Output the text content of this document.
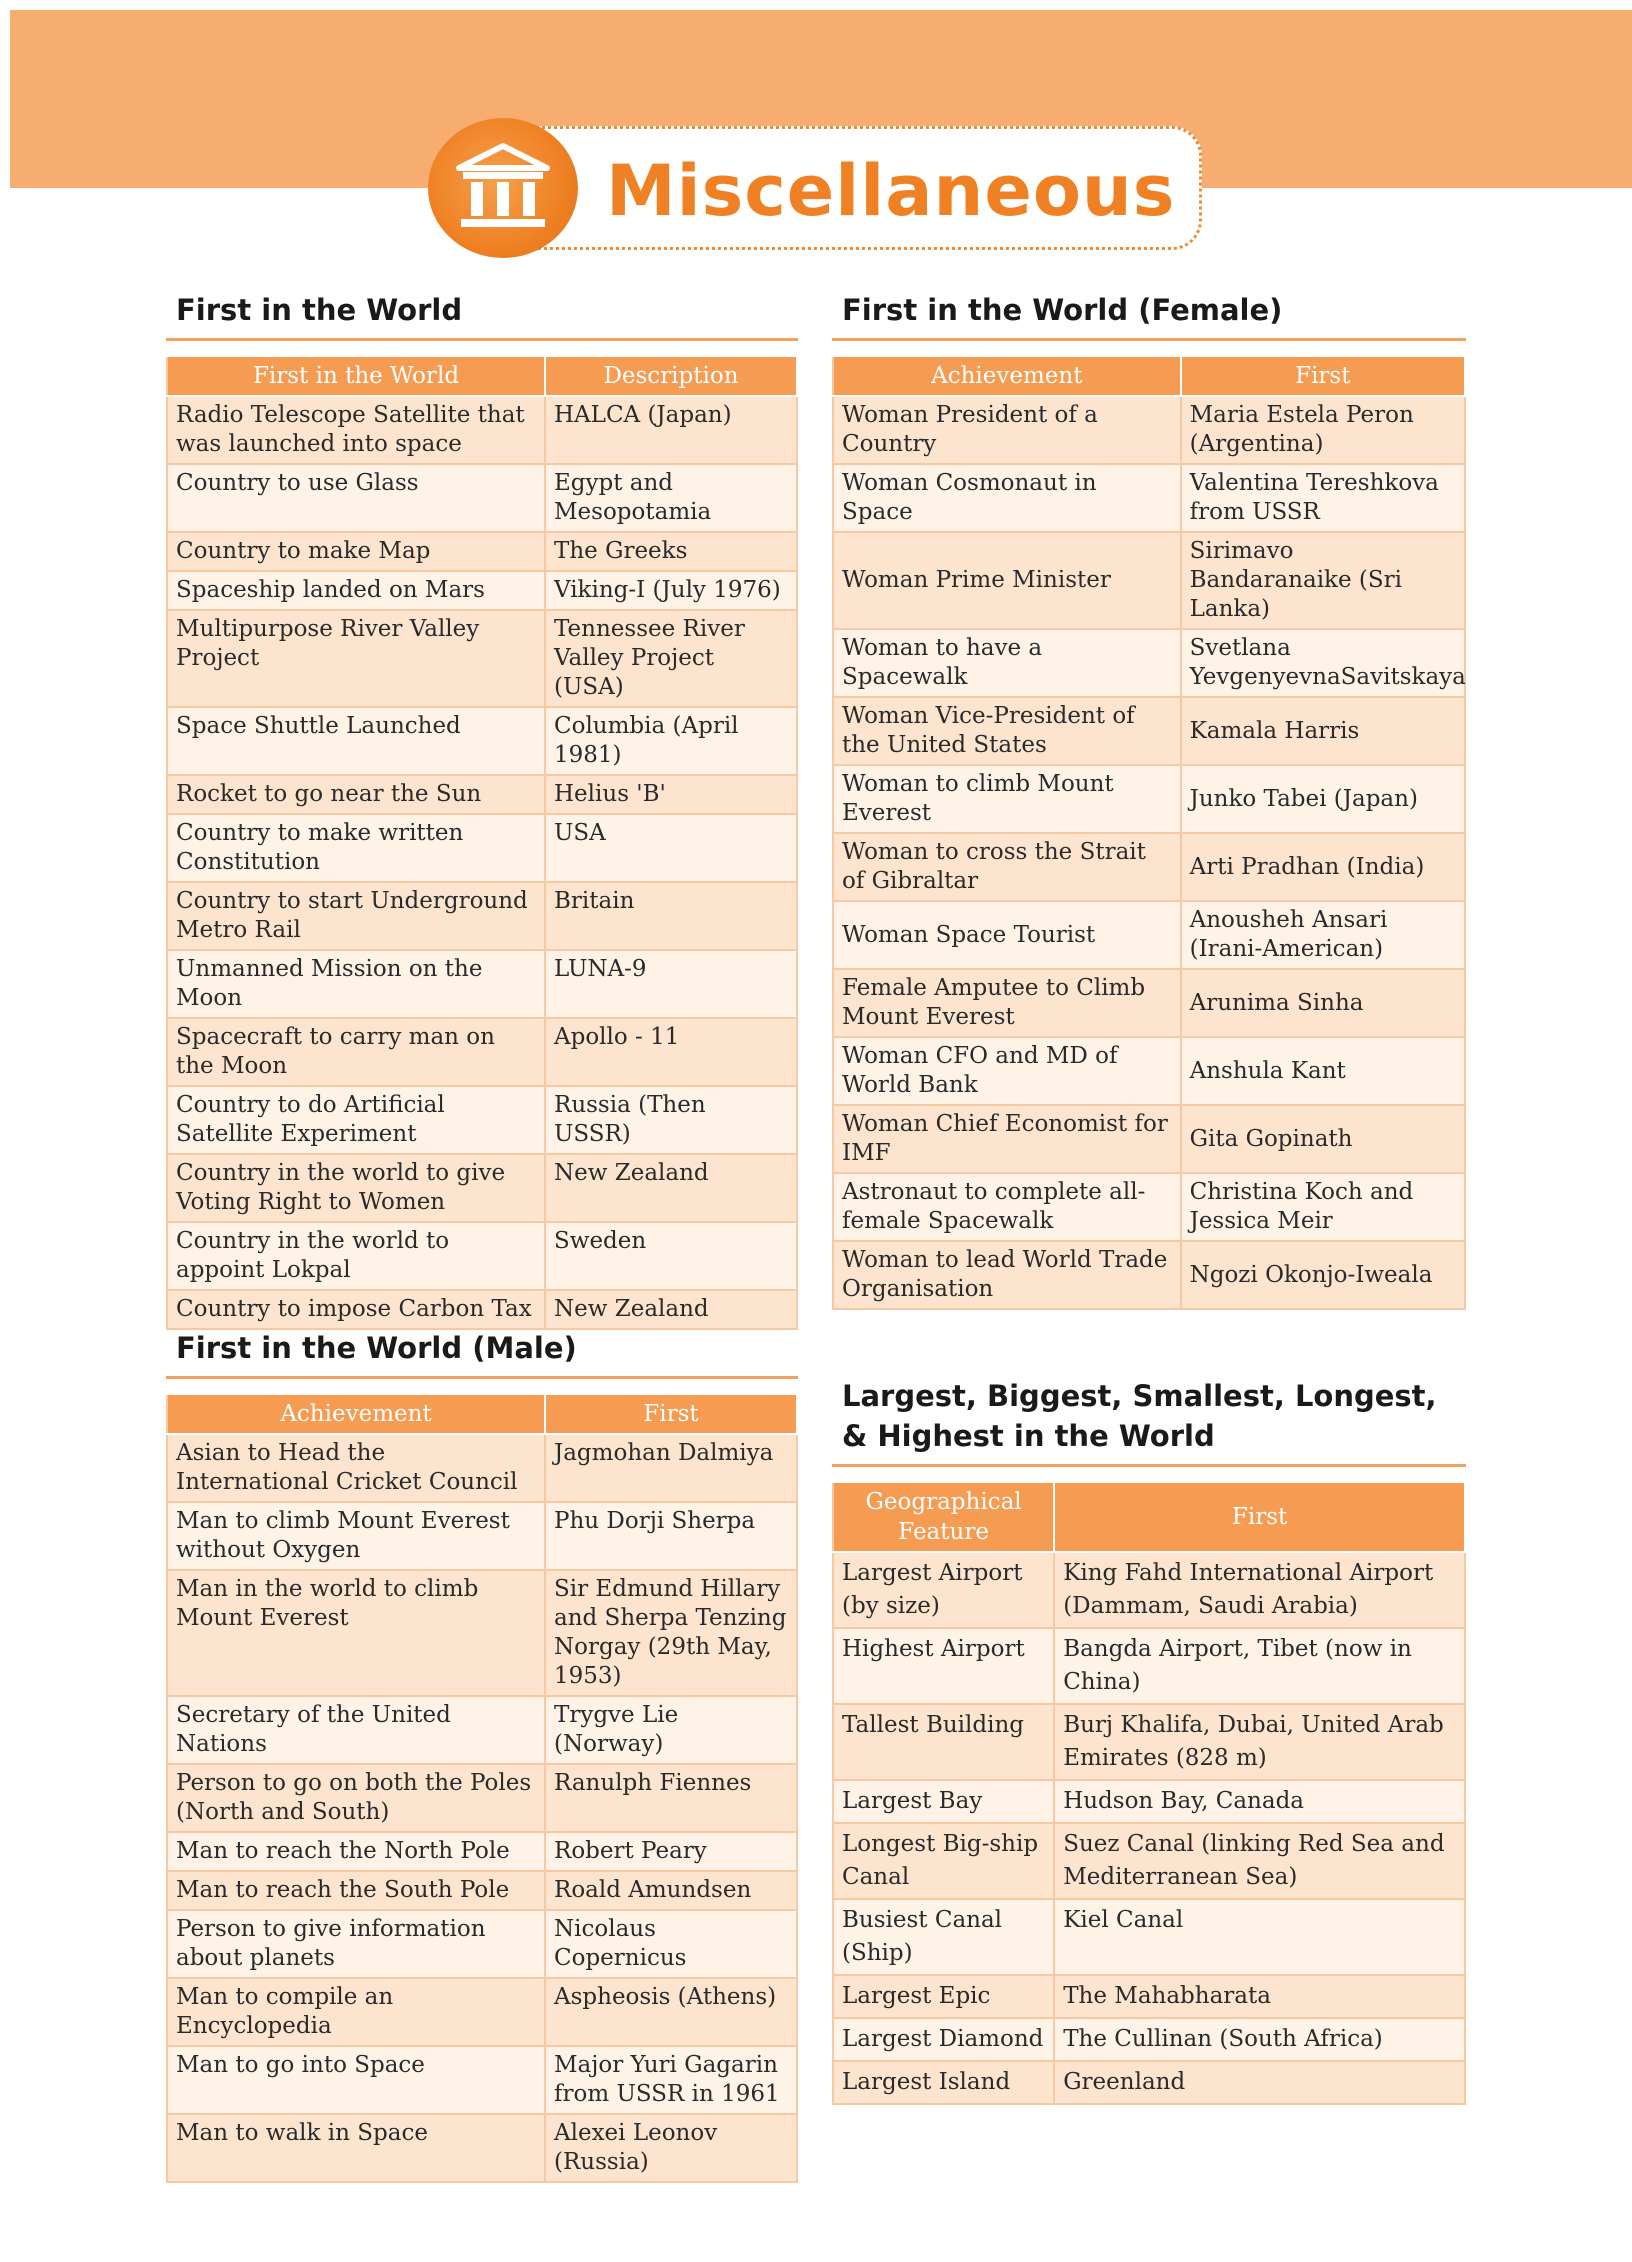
Miscellaneous
First in the World
First in the World	Description
Radio Telescope Satellite that was launched into space	HALCA (Japan)
Country to use Glass	Egypt and Mesopotamia
Country to make Map	The Greeks
Spaceship landed on Mars	Viking-I (July 1976)
Multipurpose River Valley Project	Tennessee River Valley Project (USA)
Space Shuttle Launched	Columbia (April 1981)
Rocket to go near the Sun	Helius 'B'
Country to make written Constitution	USA
Country to start Underground Metro Rail	Britain
Unmanned Mission on the Moon	LUNA-9
Spacecraft to carry man on the Moon	Apollo - 11
Country to do Artificial Satellite Experiment	Russia (Then USSR)
Country in the world to give Voting Right to Women	New Zealand
Country in the world to appoint Lokpal	Sweden
Country to impose Carbon Tax	New Zealand
First in the World (Male)
Achievement	First
Asian to Head the International Cricket Council	Jagmohan Dalmiya
Man to climb Mount Everest without Oxygen	Phu Dorji Sherpa
Man in the world to climb Mount Everest	Sir Edmund Hillary and Sherpa Tenzing Norgay (29th May, 1953)
Secretary of the United Nations	Trygve Lie (Norway)
Person to go on both the Poles (North and South)	Ranulph Fiennes
Man to reach the North Pole	Robert Peary
Man to reach the South Pole	Roald Amundsen
Person to give information about planets	Nicolaus Copernicus
Man to compile an Encyclopedia	Aspheosis (Athens)
Man to go into Space	Major Yuri Gagarin from USSR in 1961
Man to walk in Space	Alexei Leonov (Russia)
First in the World (Female)
Achievement	First
Woman President of a Country	Maria Estela Peron (Argentina)
Woman Cosmonaut in Space	Valentina Tereshkova from USSR
Woman Prime Minister	Sirimavo Bandaranaike (Sri Lanka)
Woman to have a Spacewalk	Svetlana YevgenyevnaSavitskaya
Woman Vice-President of the United States	Kamala Harris
Woman to climb Mount Everest	Junko Tabei (Japan)
Woman to cross the Strait of Gibraltar	Arti Pradhan (India)
Woman Space Tourist	Anousheh Ansari (Irani-American)
Female Amputee to Climb Mount Everest	Arunima Sinha
Woman CFO and MD of World Bank	Anshula Kant
Woman Chief Economist for IMF	Gita Gopinath
Astronaut to complete all-female Spacewalk	Christina Koch and Jessica Meir
Woman to lead World Trade Organisation	Ngozi Okonjo-Iweala
Largest, Biggest, Smallest, Longest, & Highest in the World
Geographical Feature	First
Largest Airport (by size)	King Fahd International Airport (Dammam, Saudi Arabia)
Highest Airport	Bangda Airport, Tibet (now in China)
Tallest Building	Burj Khalifa, Dubai, United Arab Emirates (828 m)
Largest Bay	Hudson Bay, Canada
Longest Big-ship Canal	Suez Canal (linking Red Sea and Mediterranean Sea)
Busiest Canal (Ship)	Kiel Canal
Largest Epic	The Mahabharata
Largest Diamond	The Cullinan (South Africa)
Largest Island	Greenland
